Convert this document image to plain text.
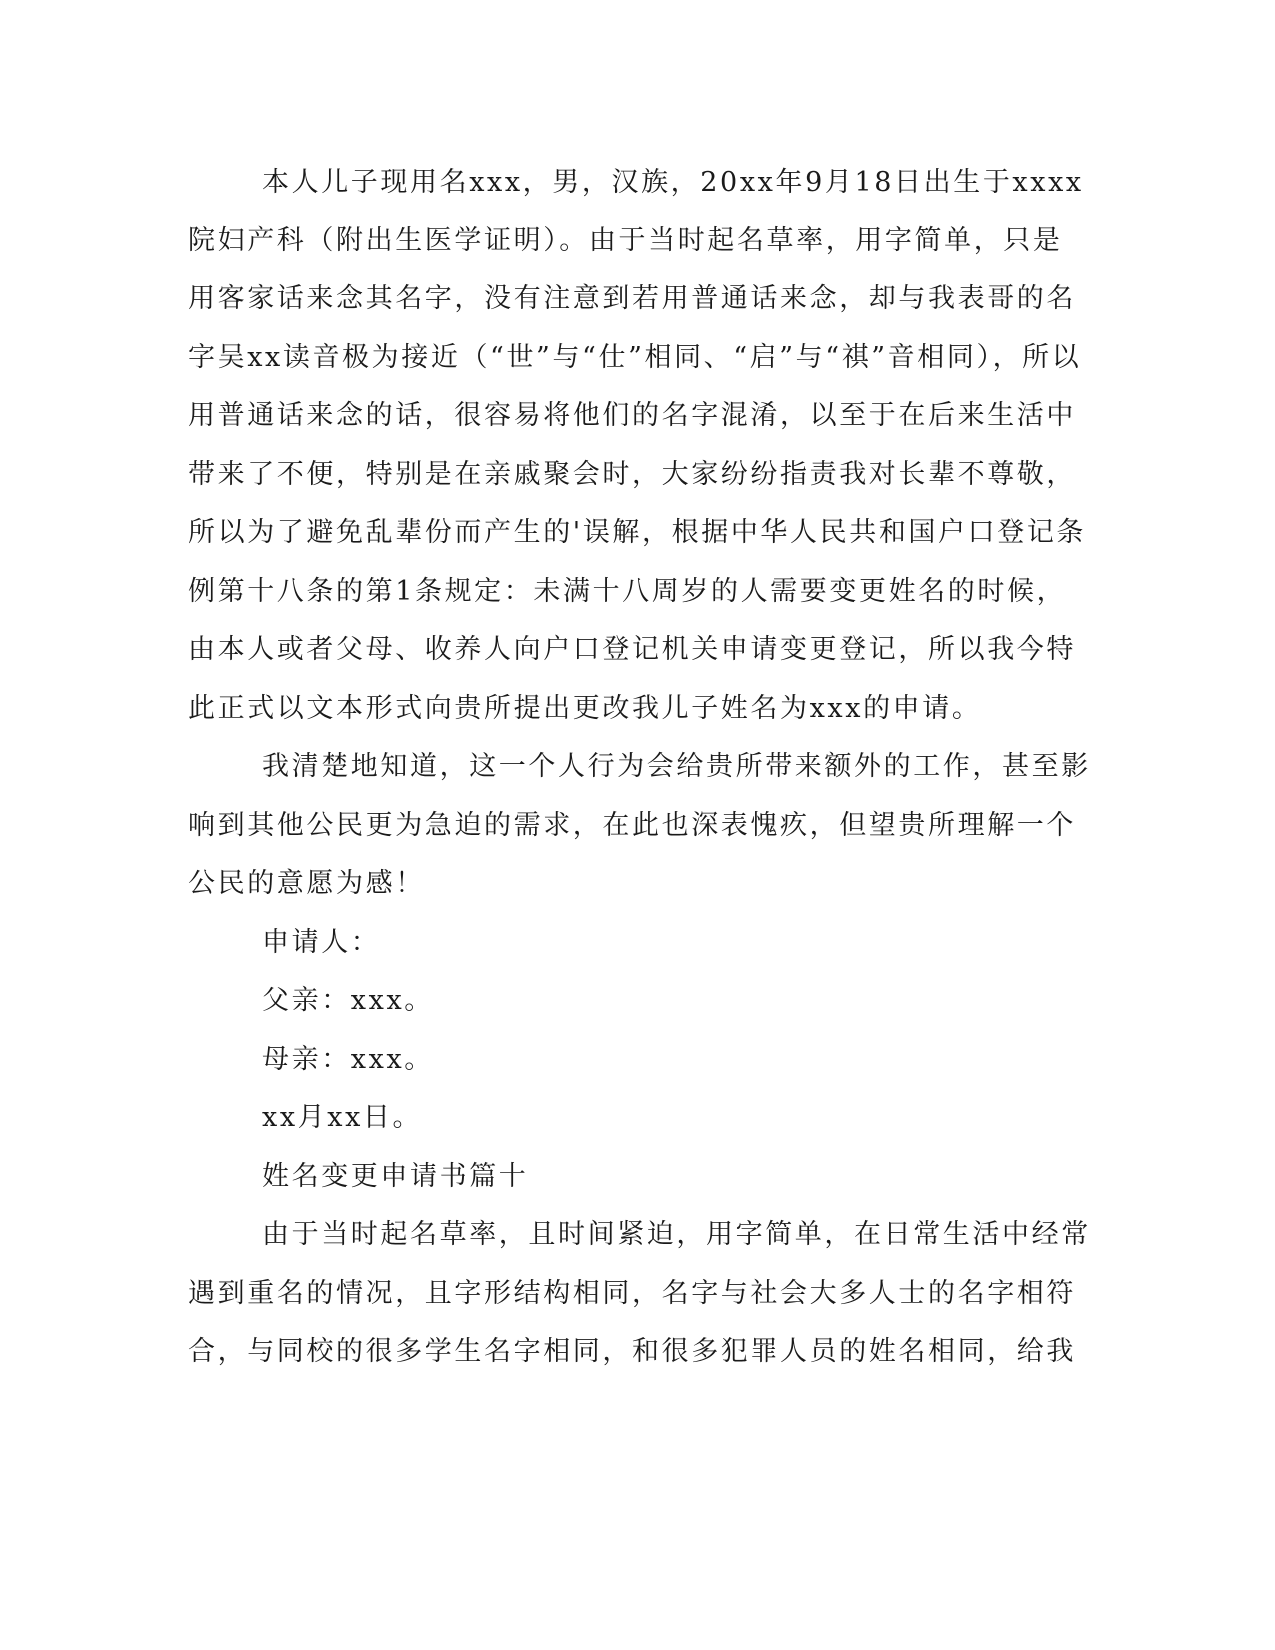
本人儿子现用名xxx，男，汉族，20xx年9月18日出生于xxxx
院妇产科（附出生医学证明）。由于当时起名草率，用字简单，只是
用客家话来念其名字，没有注意到若用普通话来念，却与我表哥的名
字吴xx读音极为接近（“世”与“仕”相同、“启”与“祺”音相同），所以
用普通话来念的话，很容易将他们的名字混淆，以至于在后来生活中
带来了不便，特别是在亲戚聚会时，大家纷纷指责我对长辈不尊敬，
所以为了避免乱辈份而产生的'误解，根据中华人民共和国户口登记条
例第十八条的第1条规定：未满十八周岁的人需要变更姓名的时候，
由本人或者父母、收养人向户口登记机关申请变更登记，所以我今特
此正式以文本形式向贵所提出更改我儿子姓名为xxx的申请。
我清楚地知道，这一个人行为会给贵所带来额外的工作，甚至影
响到其他公民更为急迫的需求，在此也深表愧疚，但望贵所理解一个
公民的意愿为感！
申请人：
父亲：xxx。
母亲：xxx。
xx月xx日。
姓名变更申请书篇十
由于当时起名草率，且时间紧迫，用字简单，在日常生活中经常
遇到重名的情况，且字形结构相同，名字与社会大多人士的名字相符
合，与同校的很多学生名字相同，和很多犯罪人员的姓名相同，给我
